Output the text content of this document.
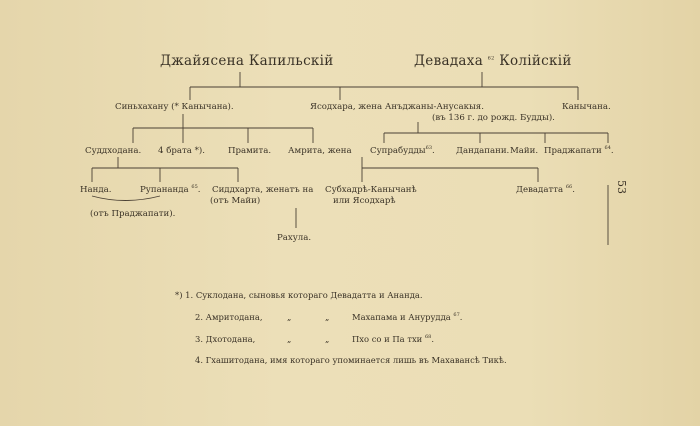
Джайясена Капильскій	Девадаха $^{62}$ Колійскій
Синьхахану (* Канычана).	Ясодхара, жена Анъджаны-Анусакыя.
(въ 136 г. до рожд. Будды).
Канычана.
Суддходана. 4 брата *).	Прамита. Амрита, жена Супрабудды$^{63}$. Дандапани. Майи. Праджапати $^{64}$.
Нанда.	Рупананда $^{65}$.
(отъ Праджапати).
Сиддхарта, женатъ на
(отъ Майи)
Субхадрѣ-Канычанѣ
или Ясодхарѣ
Девадатта $^{66}$.
Рахула.
53
*) 1. Суклодана, сыновья котораго Девадатта и Ананда.
2. Амритодана,	„	„	Махапама и Анурудда $^{67}$.
3. Дхотодана,	„	„	Пхо со и Па тхи $^{68}$.
4. Гхашитодана, имя котораго упоминается лишь въ Махавансѣ Тикѣ.
